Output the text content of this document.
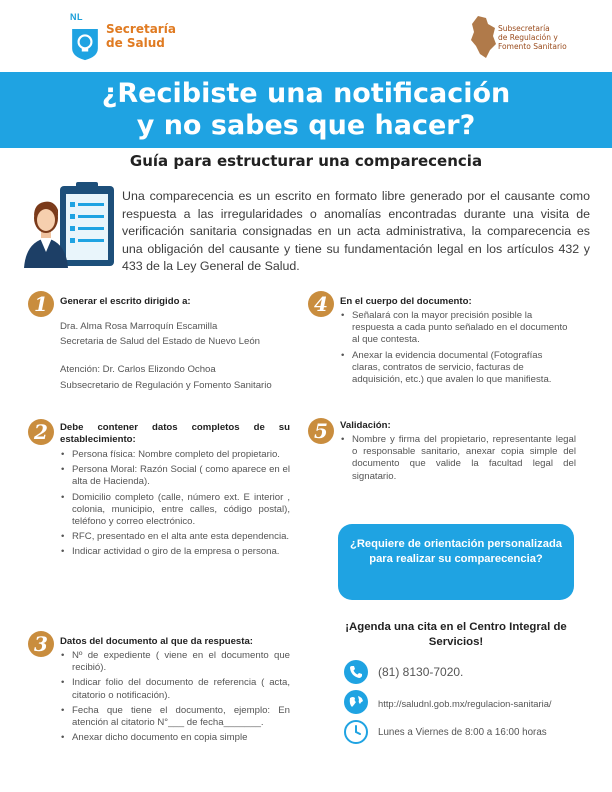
NL
Secretaría
de Salud
Subsecretaría
de Regulación y
Fomento Sanitario
¿Recibiste una notificación
y no sabes que hacer?
Guía para estructurar una comparecencia
Una comparecencia es un escrito en formato libre generado por el causante como respuesta a las irregularidades o anomalías encontradas durante una visita de verificación sanitaria consignadas en un acta administrativa, la comparecencia es una obligación del causante y tiene su fundamentación legal en los artículos 432 y 433 de la Ley General de Salud.
1	Generar el escrito dirigido a:
Dra. Alma Rosa Marroquín Escamilla
Secretaria de Salud del Estado de Nuevo León
Atención: Dr. Carlos Elizondo Ochoa
Subsecretario de Regulación y Fomento Sanitario
2	Debe contener datos completos de su establecimiento:
• Persona física: Nombre completo del propietario.
• Persona Moral: Razón Social ( como aparece en el alta de Hacienda).
• Domicilio completo (calle, número ext. E interior , colonia, municipio, entre calles, código postal), teléfono y correo electrónico.
• RFC, presentado en el alta ante esta dependencia.
• Indicar actividad o giro de la empresa o persona.
3	Datos del documento al que da respuesta:
• Nº de expediente ( viene en el documento que recibió).
• Indicar folio del documento de referencia ( acta, citatorio o notificación).
• Fecha que tiene el documento, ejemplo: En atención al citatorio N°___ de fecha_______.
• Anexar dicho documento en copia simple
4	En el cuerpo del documento:
• Señalará con la mayor precisión posible la respuesta a cada punto señalado en el documento al que contesta.
• Anexar la evidencia documental (Fotografías claras, contratos de servicio, facturas de adquisición, etc.) que avalen lo que manifiesta.
5	Validación:
• Nombre y firma del propietario, representante legal o responsable sanitario, anexar copia simple del documento que valide la facultad legal del signatario.
¿Requiere de orientación personalizada para realizar su comparecencia?
¡Agenda una cita en el Centro Integral de Servicios!
(81) 8130-7020.
http://saludnl.gob.mx/regulacion-sanitaria/
Lunes a Viernes de 8:00 a 16:00 horas
